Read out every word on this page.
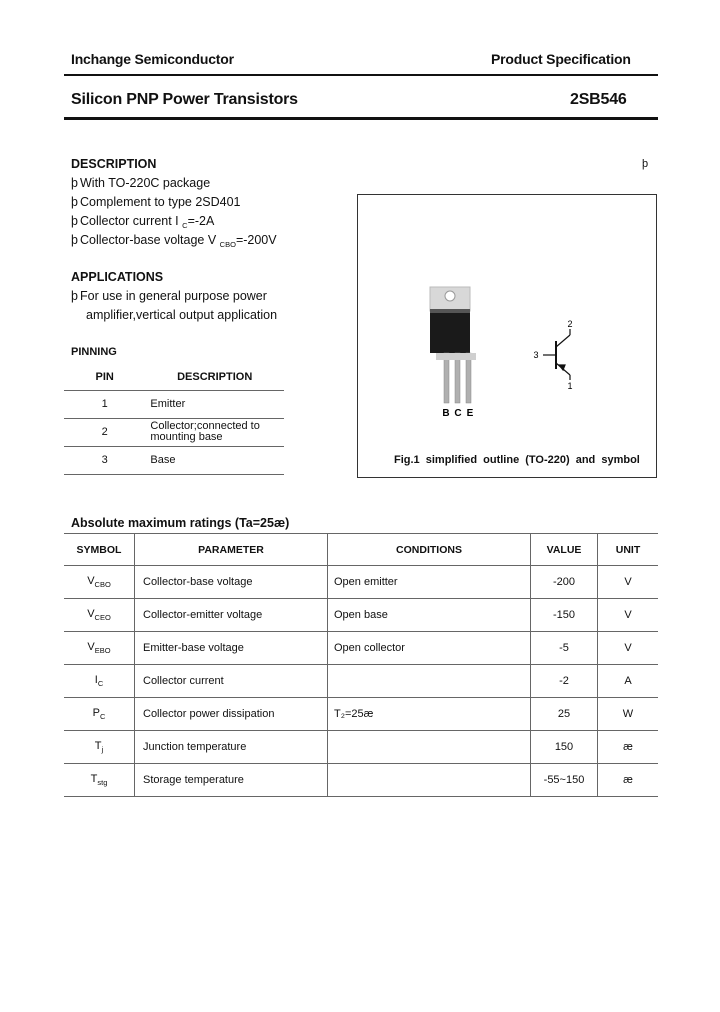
Inchange Semiconductor	Product Specification
Silicon PNP Power Transistors	2SB546
DESCRIPTION	þ
þ With TO-220C package
þ Complement to type 2SD401
þ Collector current I $_C$=-2A
þ Collector-base voltage V $_{CBO}$=-200V
APPLICATIONS
þ For use in general purpose power
amplifier,vertical output application
PINNING
PIN	DESCRIPTION
1	Emitter
2	Collector;connected to mounting base

3	Base
B C E
2
3
1
Fig.1 simplified outline (TO-220) and symbol
Absolute maximum ratings (Ta=25æ)
SYMBOL	PARAMETER	CONDITIONS	VALUE	UNIT
$V_{CBO}$	Collector-base voltage	Open emitter	-200	V
$V_{CEO}$	Collector-emitter voltage	Open base	-150	V
$V_{EBO}$	Emitter-base voltage	Open collector	-5	V
$I_C$	Collector current		-2	A
$P_C$	Collector power dissipation	T₂=25æ	25	W
$T_j$	Junction temperature		150	æ
$T_{stg}$	Storage temperature		-55~150	æ
